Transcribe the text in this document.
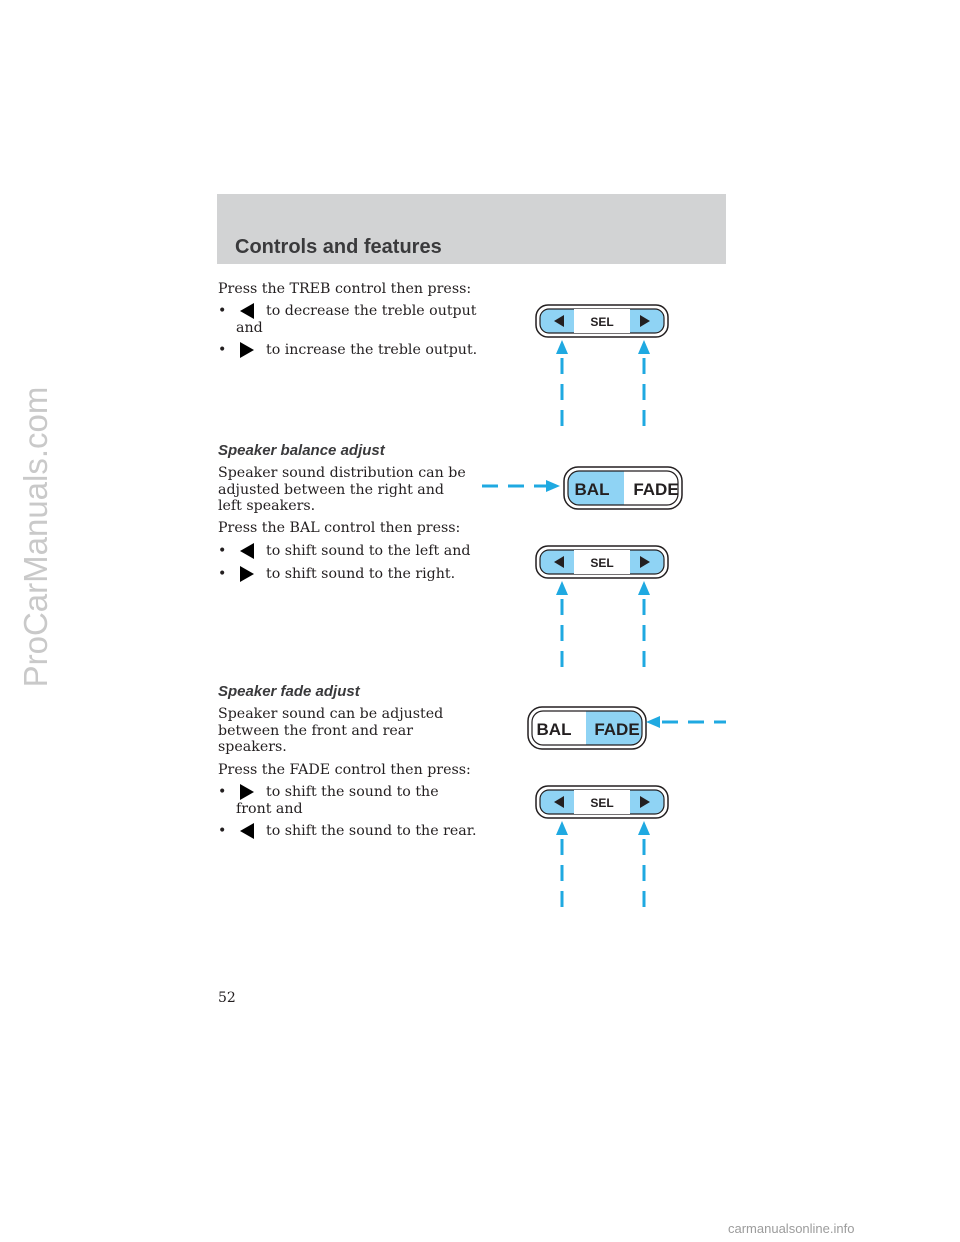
Controls and features

Press the TREB control then press:

•	to decrease the treble output
and
•	to increase the treble output.

Speaker balance adjust

Speaker sound distribution can be adjusted between the right and left speakers.

Press the BAL control then press:

•	to shift sound to the left and
•	to shift sound to the right.

Speaker fade adjust

Speaker sound can be adjusted between the front and rear speakers.

Press the FADE control then press:

•	to shift the sound to the
front and
•	to shift the sound to the rear.
SEL
BAL FADE
SEL
BAL FADE
SEL
52
ProCarManuals.com
carmanualsonline.info
